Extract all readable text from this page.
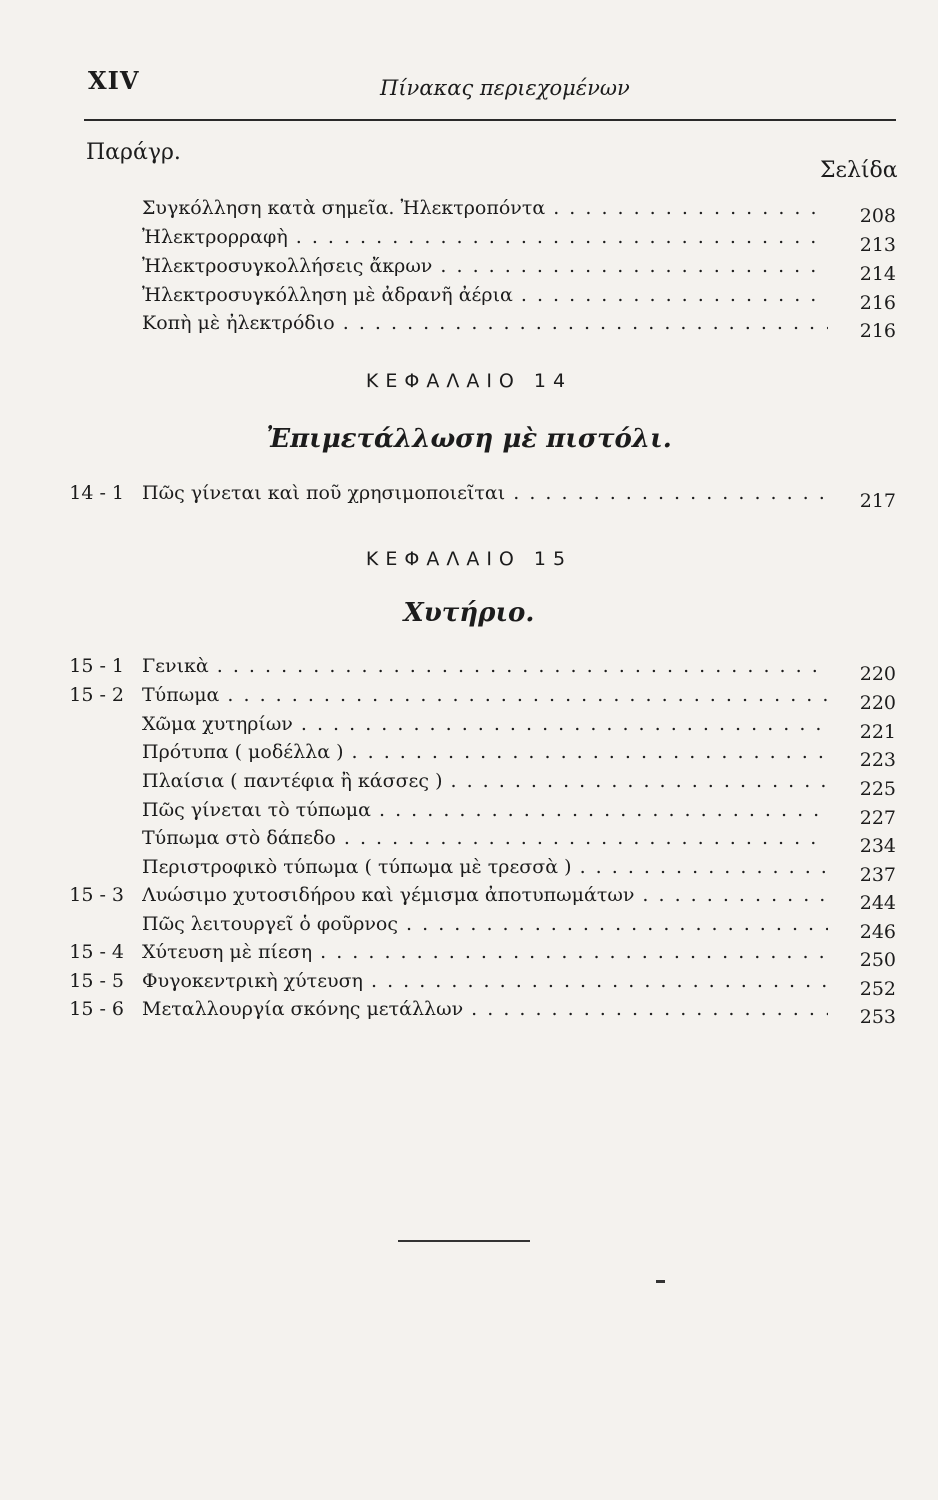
XIV	Πίνακας περιεχομένων
Παράγρ.
Σελίδα
Συγκόλληση κατὰ σημεῖα. Ἠλεκτροπόντα . . .	208
Ἠλεκτρορραφὴ . . .	213
Ἠλεκτροσυγκολλήσεις ἄκρων . . .	214
Ἠλεκτροσυγκόλληση μὲ ἀδρανῆ ἀέρια . . .	216
Κοπὴ μὲ ἠλεκτρόδιο . . .	216
ΚΕΦΑΛΑΙΟ 14
Ἐπιμετάλλωση μὲ πιστόλι.
14 - 1 Πῶς γίνεται καὶ ποῦ χρησιμοποιεῖται . . .	217
ΚΕΦΑΛΑΙΟ 15
Χυτήριο.
15 - 1 Γενικὰ . . .	220
15 - 2 Τύπωμα . . .	220
Χῶμα χυτηρίων . . .	221
Πρότυπα ( μοδέλλα ) . . .	223
Πλαίσια ( παντέφια ἢ κάσσες ) . . .	225
Πῶς γίνεται τὸ τύπωμα . . .	227
Τύπωμα στὸ δάπεδο . . .	234
Περιστροφικὸ τύπωμα ( τύπωμα μὲ τρεσσὰ ) . . .	237
15 - 3 Λυώσιμο χυτοσιδήρου καὶ γέμισμα ἀποτυπωμάτων . . .	244
Πῶς λειτουργεῖ ὁ φοῦρνος . . .	246
15 - 4 Χύτευση μὲ πίεση . . .	250
15 - 5 Φυγοκεντρικὴ χύτευση . . .	252
15 - 6 Μεταλλουργία σκόνης μετάλλων . . .	253
